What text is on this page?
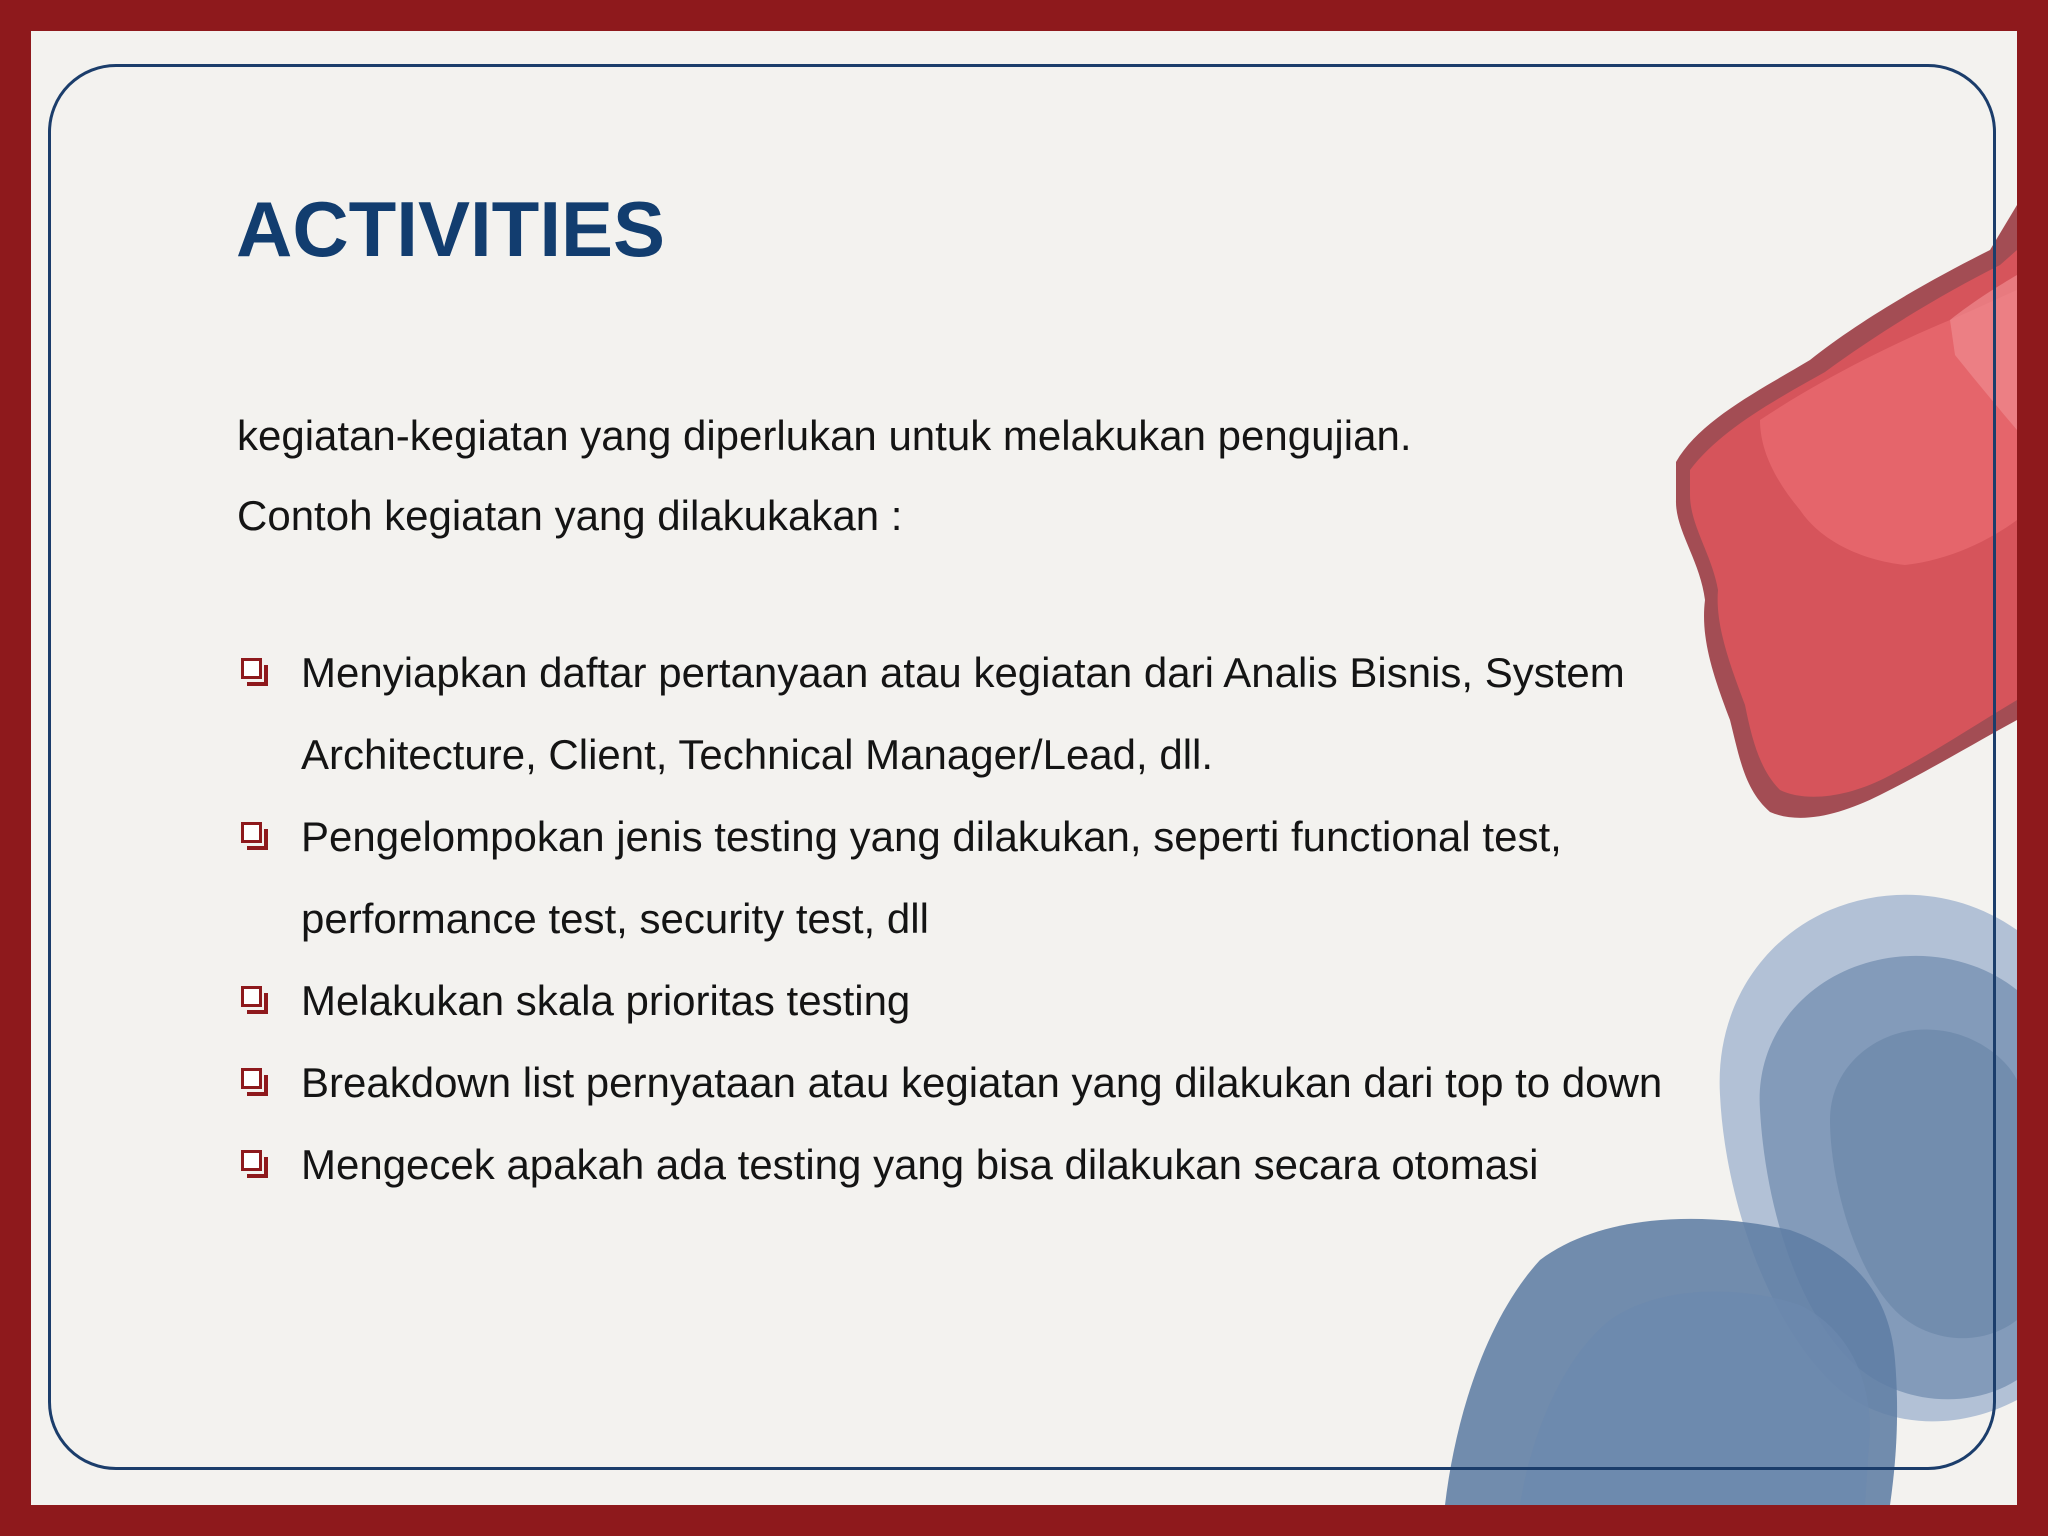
ACTIVITIES

kegiatan-kegiatan yang diperlukan untuk melakukan pengujian.

Contoh kegiatan yang dilakukakan :

Menyiapkan daftar pertanyaan atau kegiatan dari Analis Bisnis, System Architecture, Client, Technical Manager/Lead, dll.
Pengelompokan jenis testing yang dilakukan, seperti functional test, performance test, security test, dll
Melakukan skala prioritas testing
Breakdown list pernyataan atau kegiatan yang dilakukan dari top to down
Mengecek apakah ada testing yang bisa dilakukan secara otomasi
